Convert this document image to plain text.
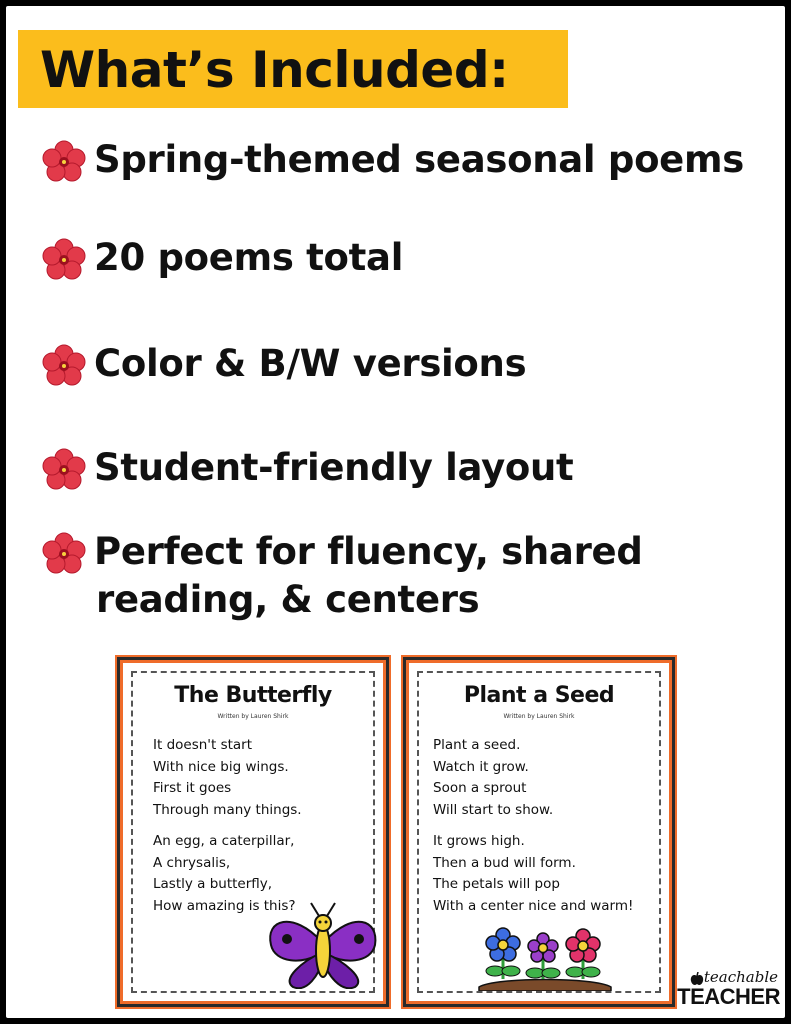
What’s Included:
Spring-themed seasonal poems
20 poems total
Color & B/W versions
Student-friendly layout
Perfect for fluency, shared
reading, & centers
The Butterfly
Written by Lauren Shirk
It doesn't start
With nice big wings.
First it goes
Through many things.
An egg, a caterpillar,
A chrysalis,
Lastly a butterfly,
How amazing is this?
Plant a Seed
Written by Lauren Shirk
Plant a seed.
Watch it grow.
Soon a sprout
Will start to show.
It grows high.
Then a bud will form.
The petals will pop
With a center nice and warm!
teachable
TEACHER
